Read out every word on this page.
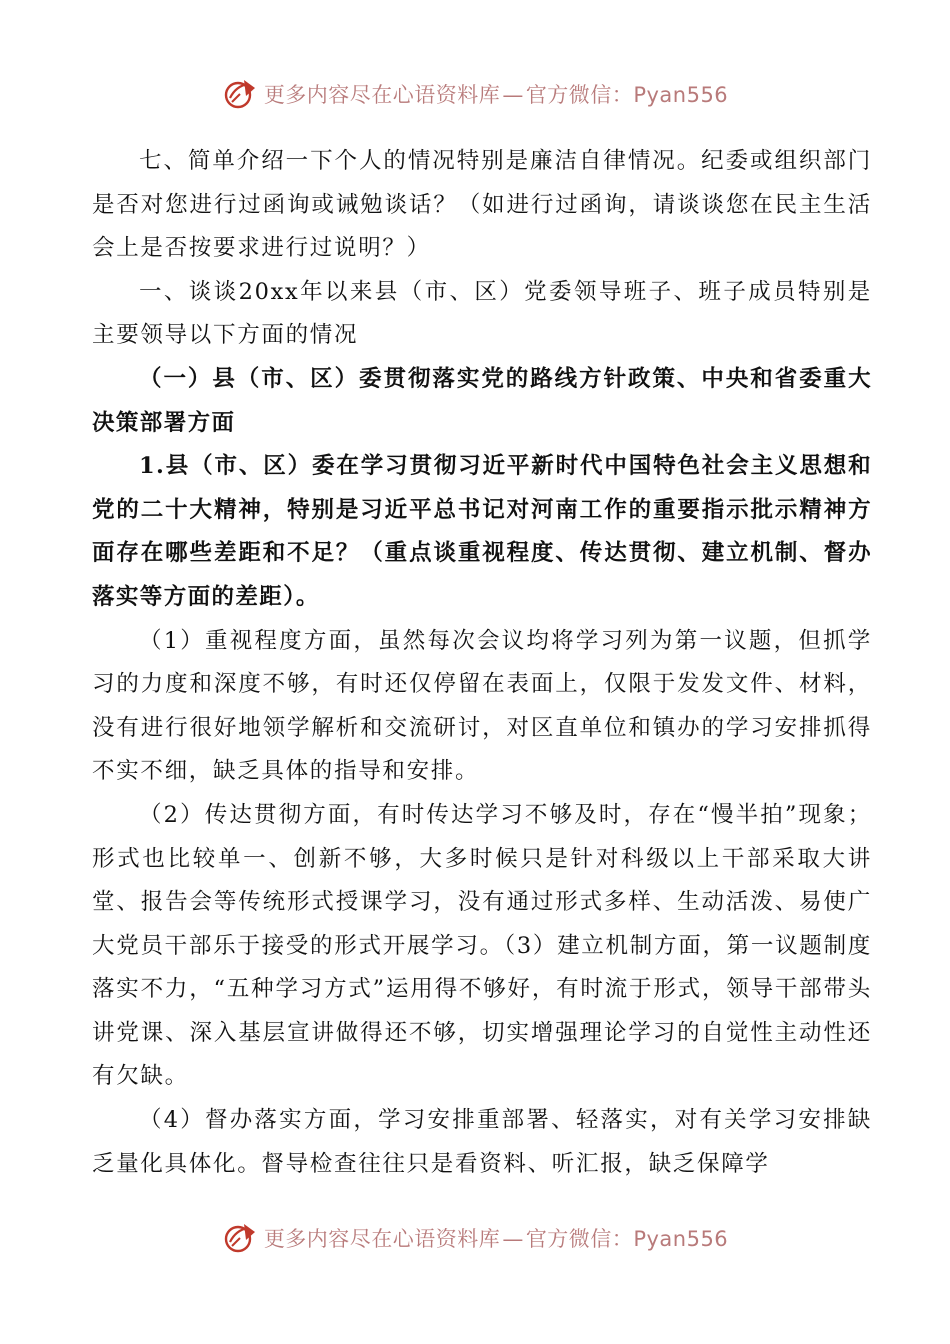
更多内容尽在心语资料库—官方微信：Pyan556

七、简单介绍一下个人的情况特别是廉洁自律情况。纪委或组织部门是否对您进行过函询或诫勉谈话？（如进行过函询，请谈谈您在民主生活会上是否按要求进行过说明？）

一、谈谈20xx年以来县（市、区）党委领导班子、班子成员特别是主要领导以下方面的情况

（一）县（市、区）委贯彻落实党的路线方针政策、中央和省委重大决策部署方面

1.县（市、区）委在学习贯彻习近平新时代中国特色社会主义思想和党的二十大精神，特别是习近平总书记对河南工作的重要指示批示精神方面存在哪些差距和不足？（重点谈重视程度、传达贯彻、建立机制、督办落实等方面的差距）。

（1）重视程度方面，虽然每次会议均将学习列为第一议题，但抓学习的力度和深度不够，有时还仅停留在表面上，仅限于发发文件、材料，没有进行很好地领学解析和交流研讨，对区直单位和镇办的学习安排抓得不实不细，缺乏具体的指导和安排。

（2）传达贯彻方面，有时传达学习不够及时，存在“慢半拍”现象；形式也比较单一、创新不够，大多时候只是针对科级以上干部采取大讲堂、报告会等传统形式授课学习，没有通过形式多样、生动活泼、易使广大党员干部乐于接受的形式开展学习。（3）建立机制方面，第一议题制度落实不力，“五种学习方式”运用得不够好，有时流于形式，领导干部带头讲党课、深入基层宣讲做得还不够，切实增强理论学习的自觉性主动性还有欠缺。

（4）督办落实方面，学习安排重部署、轻落实，对有关学习安排缺乏量化具体化。督导检查往往只是看资料、听汇报，缺乏保障学

更多内容尽在心语资料库—官方微信：Pyan556
